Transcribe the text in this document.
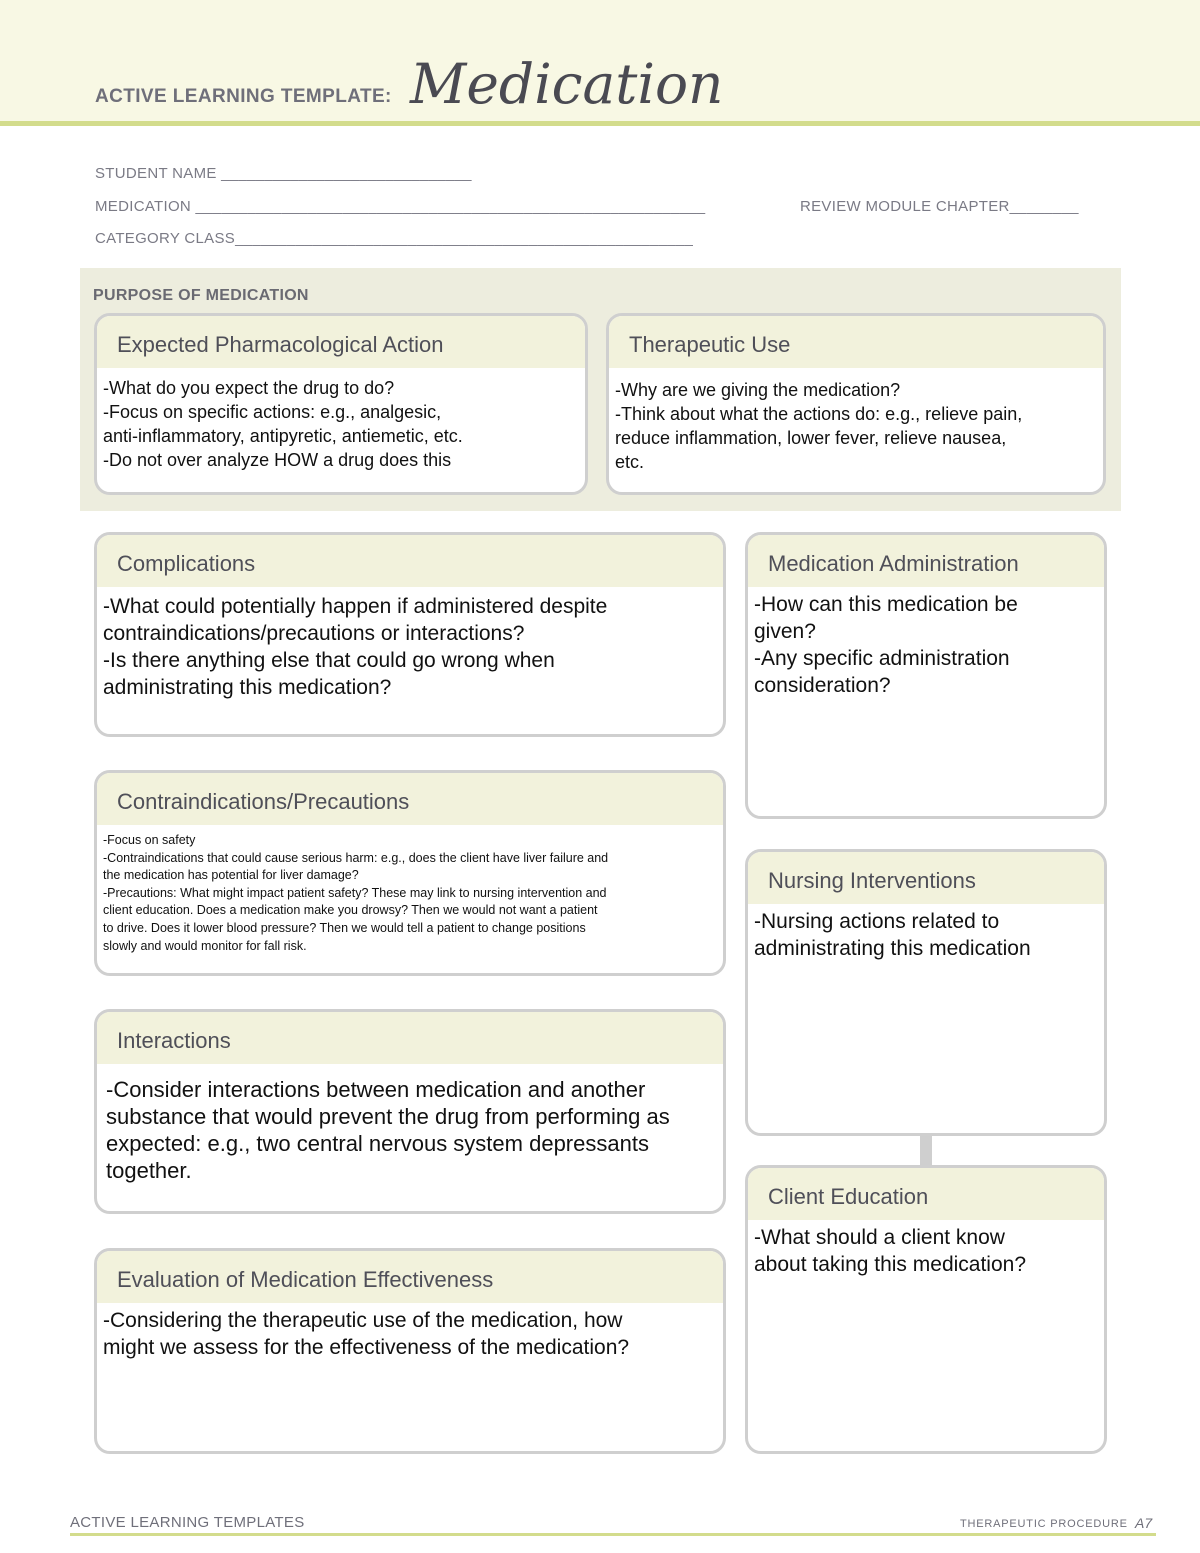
ACTIVE LEARNING TEMPLATE: Medication
STUDENT NAME _____________________________
MEDICATION ___________________________________________________________	REVIEW MODULE CHAPTER________
CATEGORY CLASS_____________________________________________________
PURPOSE OF MEDICATION
Expected Pharmacological Action
-What do you expect the drug to do?
-Focus on specific actions: e.g., analgesic,
anti-inflammatory, antipyretic, antiemetic, etc.
-Do not over analyze HOW a drug does this
Therapeutic Use
-Why are we giving the medication?
-Think about what the actions do: e.g., relieve pain,
reduce inflammation, lower fever, relieve nausea,
etc.
Complications
-What could potentially happen if administered despite
contraindications/precautions or interactions?
-Is there anything else that could go wrong when
administrating this medication?
Contraindications/Precautions
-Focus on safety
-Contraindications that could cause serious harm: e.g., does the client have liver failure and
the medication has potential for liver damage?
-Precautions: What might impact patient safety? These may link to nursing intervention and
client education. Does a medication make you drowsy? Then we would not want a patient
to drive. Does it lower blood pressure? Then we would tell a patient to change positions
slowly and would monitor for fall risk.
Interactions
-Consider interactions between medication and another
substance that would prevent the drug from performing as
expected: e.g., two central nervous system depressants
together.
Evaluation of Medication Effectiveness
-Considering the therapeutic use of the medication, how
might we assess for the effectiveness of the medication?
Medication Administration
-How can this medication be
given?
-Any specific administration
consideration?
Nursing Interventions
-Nursing actions related to
administrating this medication
Client Education
-What should a client know
about taking this medication?
ACTIVE LEARNING TEMPLATES	THERAPEUTIC PROCEDURE A7
